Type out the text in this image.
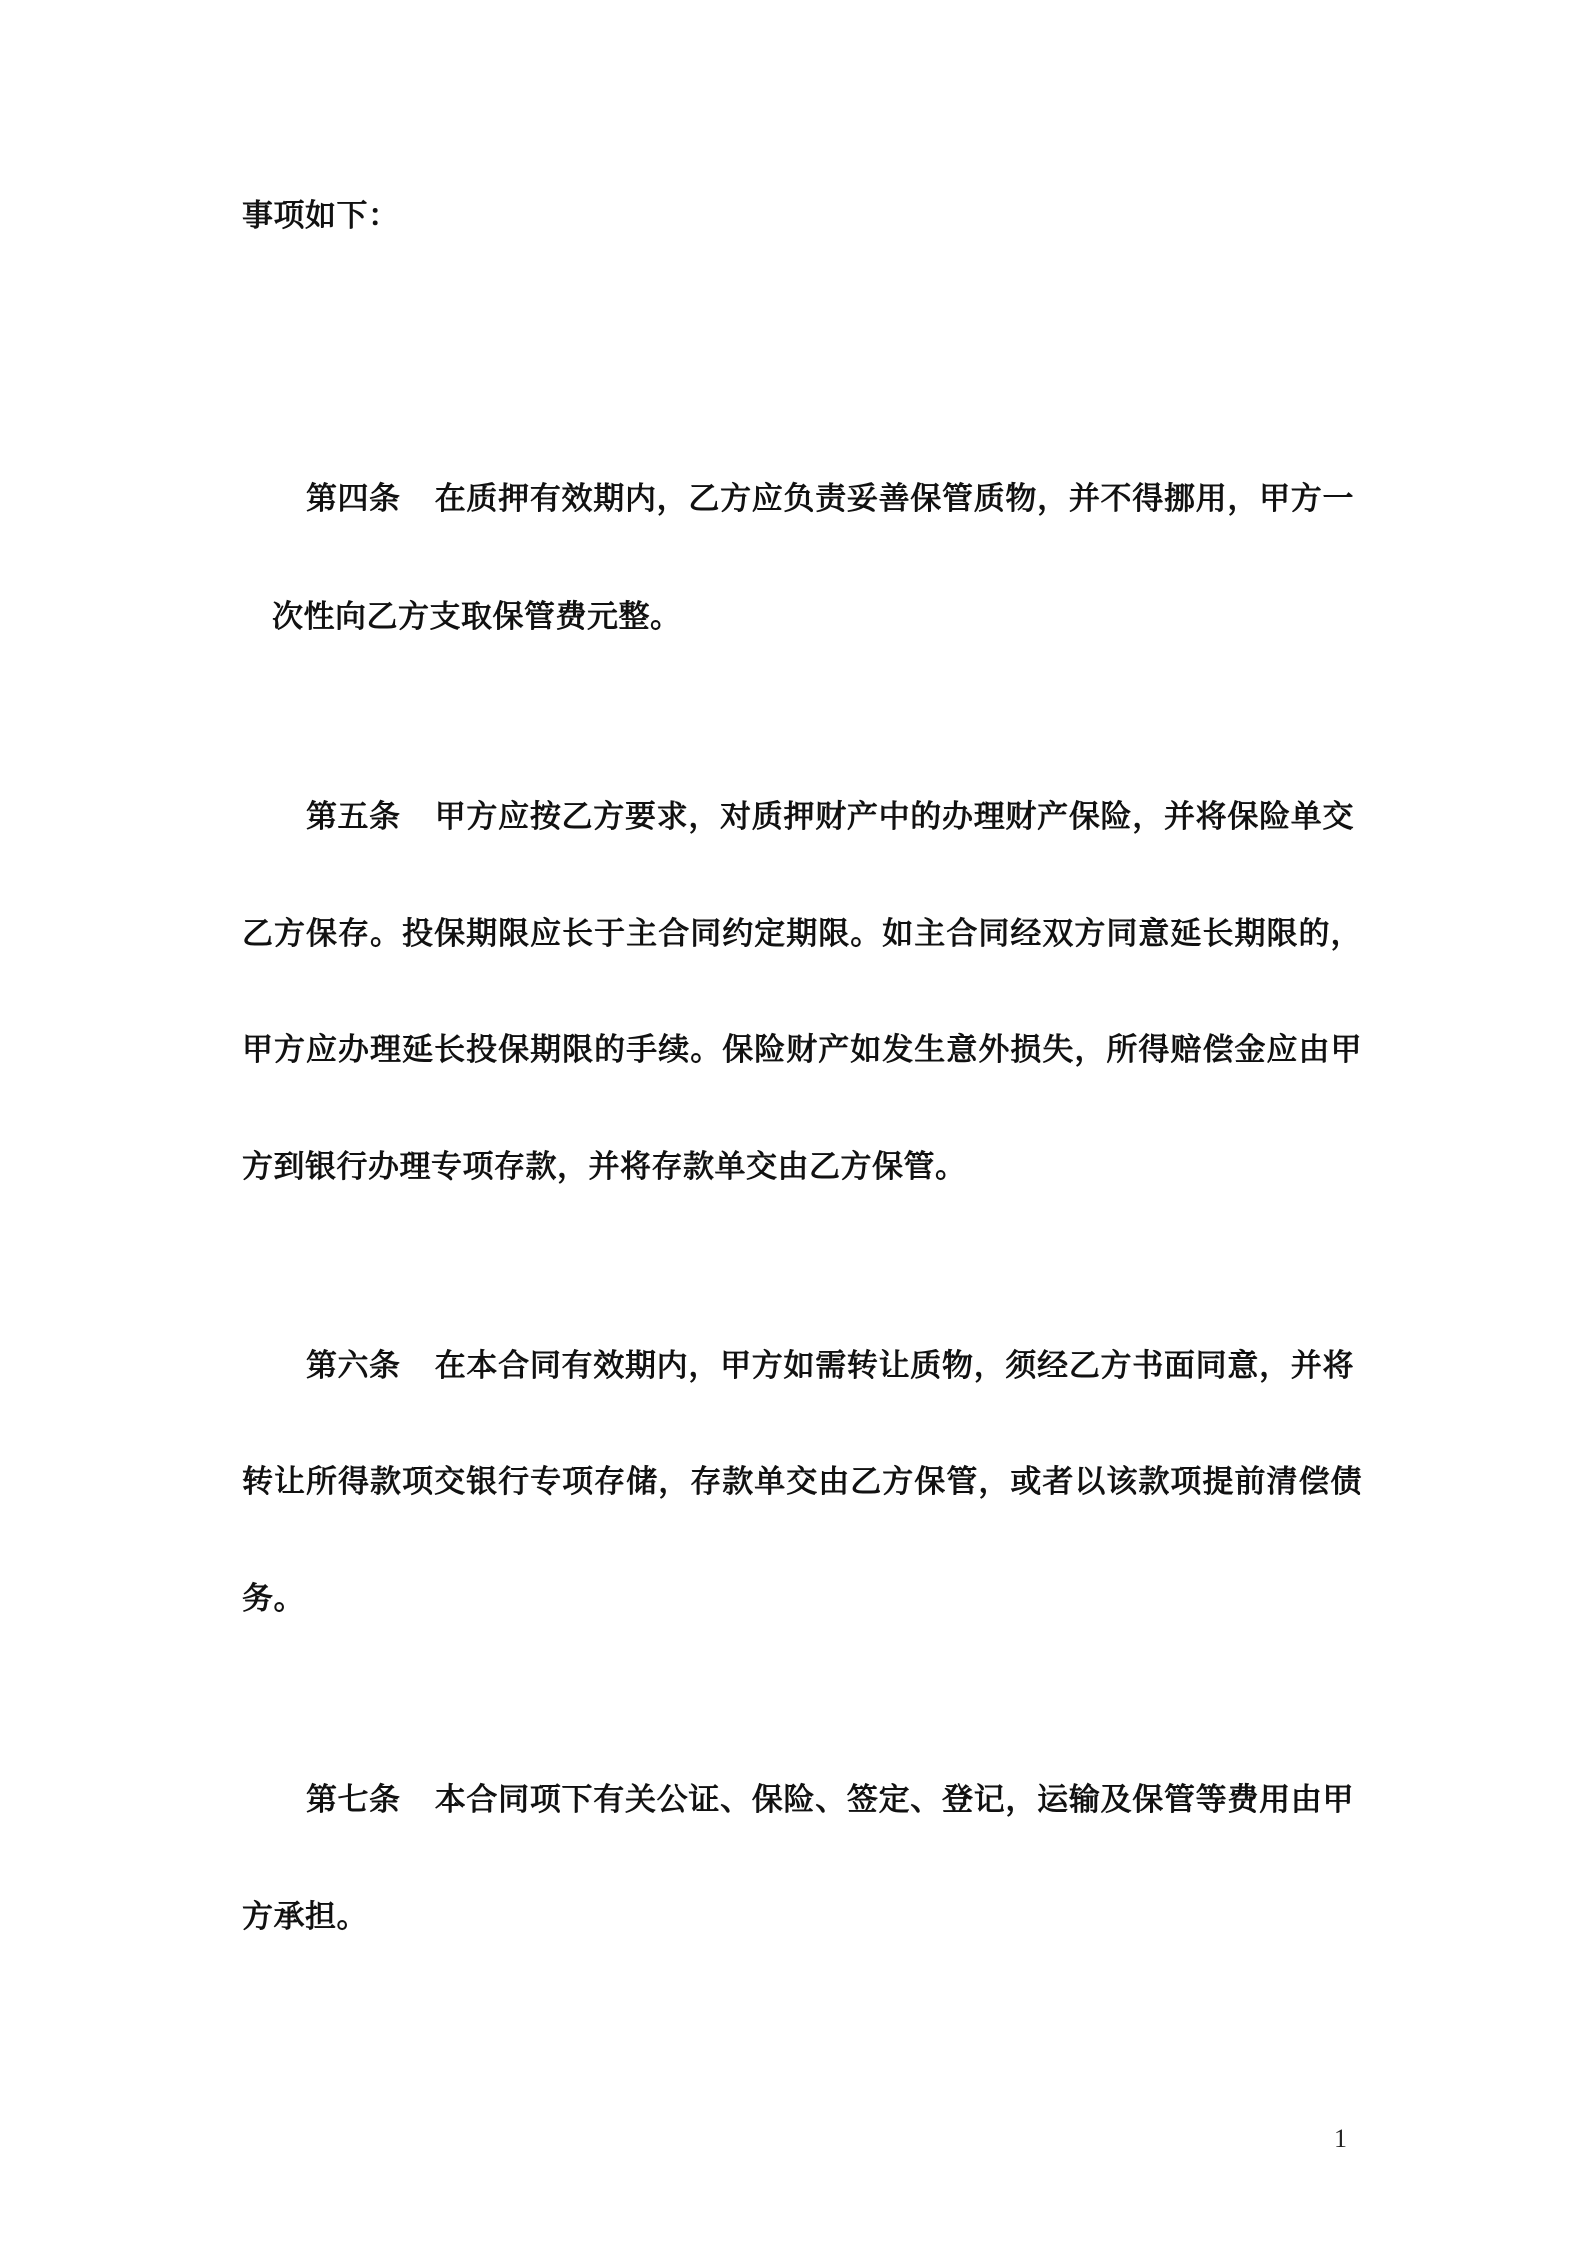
事项如下：
第四条 在质押有效期内，乙方应负责妥善保管质物，并不得挪用，甲方一
次性向乙方支取保管费元整。
第五条 甲方应按乙方要求，对质押财产中的办理财产保险，并将保险单交
乙方保存。投保期限应长于主合同约定期限。如主合同经双方同意延长期限的，
甲方应办理延长投保期限的手续。保险财产如发生意外损失，所得赔偿金应由甲
方到银行办理专项存款，并将存款单交由乙方保管。
第六条 在本合同有效期内，甲方如需转让质物，须经乙方书面同意，并将
转让所得款项交银行专项存储，存款单交由乙方保管，或者以该款项提前清偿债
务。
第七条 本合同项下有关公证、保险、签定、登记，运输及保管等费用由甲
方承担。
1
